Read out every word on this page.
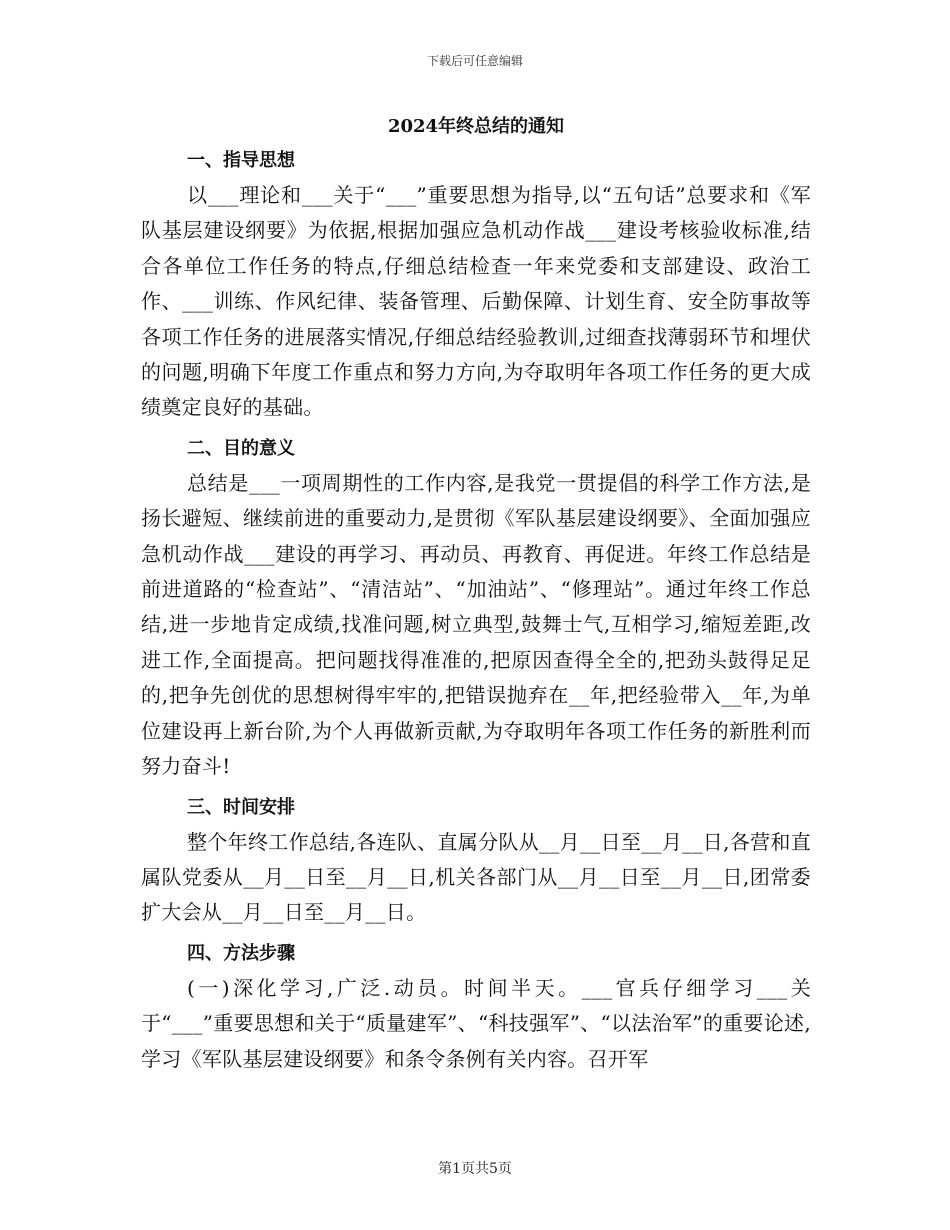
下载后可任意编辑
2024年终总结的通知
一、指导思想

以___理论和___关于“___”重要思想为指导,以“五句话”总要求和《军队基层建设纲要》为依据,根据加强应急机动作战___建设考核验收标准,结合各单位工作任务的特点,仔细总结检查一年来党委和支部建设、政治工作、___训练、作风纪律、装备管理、后勤保障、计划生育、安全防事故等各项工作任务的进展落实情况,仔细总结经验教训,过细查找薄弱环节和埋伏的问题,明确下年度工作重点和努力方向,为夺取明年各项工作任务的更大成绩奠定良好的基础。

二、目的意义

总结是___一项周期性的工作内容,是我党一贯提倡的科学工作方法,是扬长避短、继续前进的重要动力,是贯彻《军队基层建设纲要》、全面加强应急机动作战___建设的再学习、再动员、再教育、再促进。年终工作总结是前进道路的“检查站”、“清洁站”、“加油站”、“修理站”。通过年终工作总结,进一步地肯定成绩,找准问题,树立典型,鼓舞士气,互相学习,缩短差距,改进工作,全面提高。把问题找得准准的,把原因查得全全的,把劲头鼓得足足的,把争先创优的思想树得牢牢的,把错误抛弃在__年,把经验带入__年,为单位建设再上新台阶,为个人再做新贡献,为夺取明年各项工作任务的新胜利而努力奋斗!

三、时间安排

整个年终工作总结,各连队、直属分队从__月__日至__月__日,各营和直属队党委从__月__日至__月__日,机关各部门从__月__日至__月__日,团常委扩大会从__月__日至__月__日。

四、方法步骤

(一)深化学习,广泛.动员。时间半天。___官兵仔细学习___关于“___”重要思想和关于“质量建军”、“科技强军”、“以法治军”的重要论述,学习《军队基层建设纲要》和条令条例有关内容。召开军

第1页共5页
